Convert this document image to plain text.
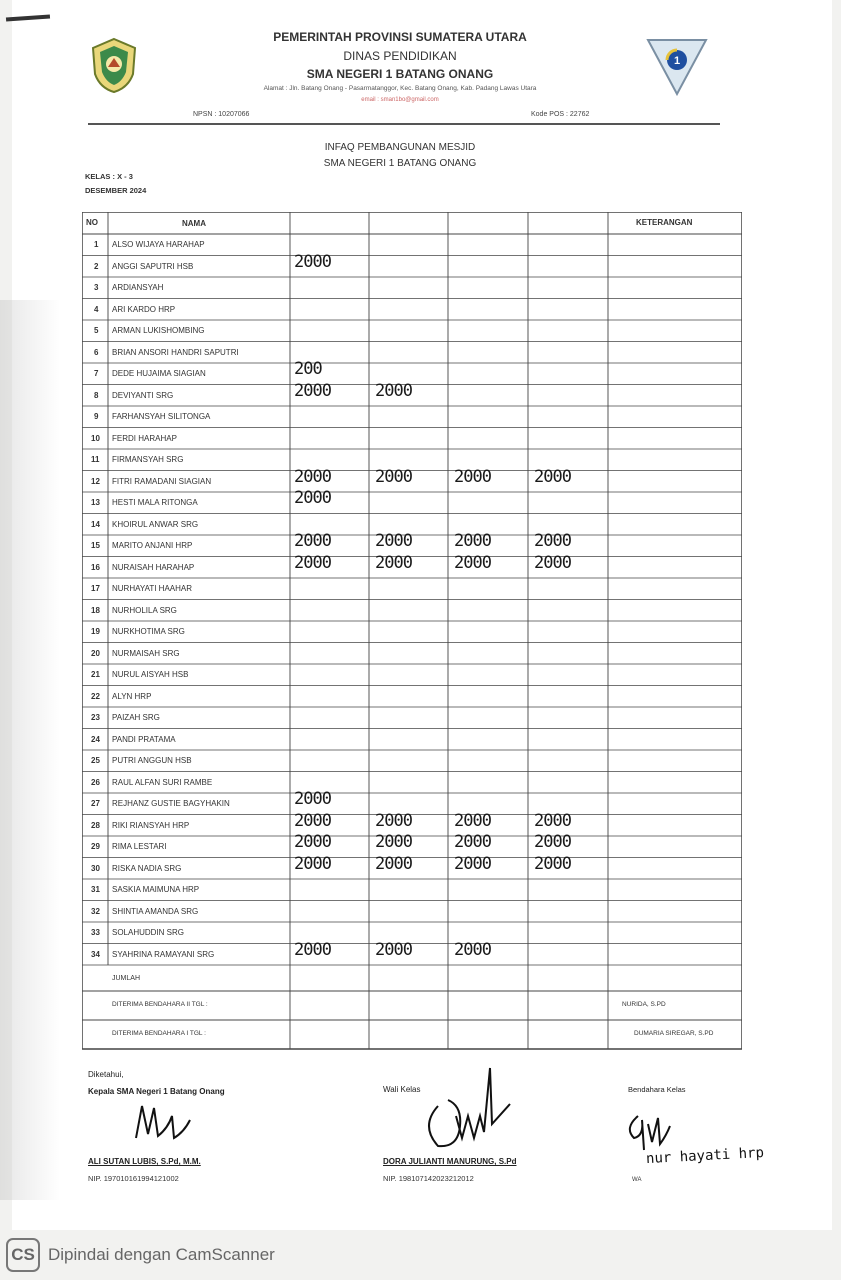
1
PEMERINTAH PROVINSI SUMATERA UTARA
DINAS PENDIDIKAN
SMA NEGERI 1 BATANG ONANG
Alamat : Jln. Batang Onang - Pasarmatanggor, Kec. Batang Onang, Kab. Padang Lawas Utara
email : sman1bo@gmail.com
NPSN : 10207066	Kode POS : 22762
INFAQ PEMBANGUNAN MESJID
SMA NEGERI 1 BATANG ONANG
KELAS : X - 3
DESEMBER 2024
NO	NAMA	KETERANGAN
1 ALSO WIJAYA HARAHAP
2 ANGGI SAPUTRI HSB	2000
3 ARDIANSYAH
4 ARI KARDO HRP
5 ARMAN LUKISHOMBING
6 BRIAN ANSORI HANDRI SAPUTRI
7 DEDE HUJAIMA SIAGIAN	200
8 DEVIYANTI SRG	2000	2000
9 FARHANSYAH SILITONGA
10 FERDI HARAHAP
11 FIRMANSYAH SRG
12 FITRI RAMADANI SIAGIAN	2000	2000 2000	2000
13 HESTI MALA RITONGA	2000
14 KHOIRUL ANWAR SRG
15 MARITO ANJANI HRP	2000	2000 2000	2000
16 NURAISAH HARAHAP	2000	2000 2000	2000
17 NURHAYATI HAAHAR
18 NURHOLILA SRG
19 NURKHOTIMA SRG
20 NURMAISAH SRG
21 NURUL AISYAH HSB
22 ALYN HRP
23 PAIZAH SRG
24 PANDI PRATAMA
25 PUTRI ANGGUN HSB
26 RAUL ALFAN SURI RAMBE
27 REJHANZ GUSTIE BAGYHAKIN	2000
28 RIKI RIANSYAH HRP	2000	2000 2000	2000
29 RIMA LESTARI	2000	2000 2000	2000
30 RISKA NADIA SRG	2000	2000 2000	2000
31 SASKIA MAIMUNA HRP
32 SHINTIA AMANDA SRG
33 SOLAHUDDIN SRG
34 SYAHRINA RAMAYANI SRG	2000	2000 2000
JUMLAH
DITERIMA BENDAHARA II TGL :	NURIDA, S.PD
DITERIMA BENDAHARA I TGL :	DUMARIA SIREGAR, S.PD
Diketahui,
Kepala SMA Negeri 1 Batang Onang
ALI SUTAN LUBIS, S.Pd, M.M.
NIP. 197010161994121002
Wali Kelas
DORA JULIANTI MANURUNG, S.Pd
NIP. 198107142023212012
Bendahara Kelas
nur hayati hrp
WA
CS Dipindai dengan CamScanner
